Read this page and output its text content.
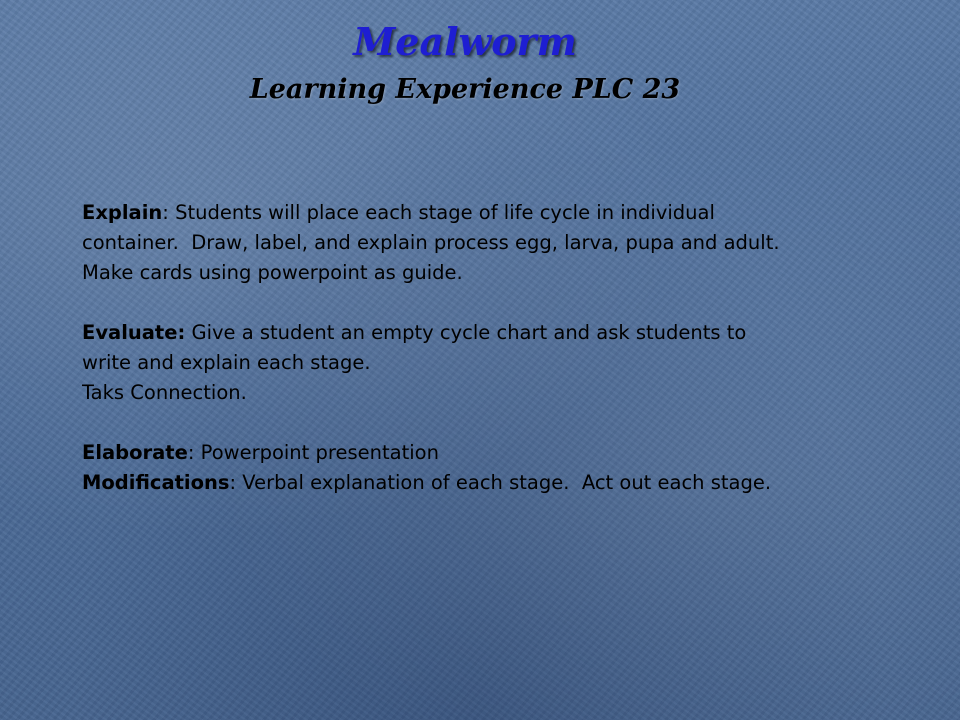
Mealworm
Learning Experience PLC 23
Explain: Students will place each stage of life cycle in individual
container.  Draw, label, and explain process egg, larva, pupa and adult.
Make cards using powerpoint as guide.
Evaluate: Give a student an empty cycle chart and ask students to
write and explain each stage.
Taks Connection.
Elaborate: Powerpoint presentation
Modifications: Verbal explanation of each stage.  Act out each stage.
